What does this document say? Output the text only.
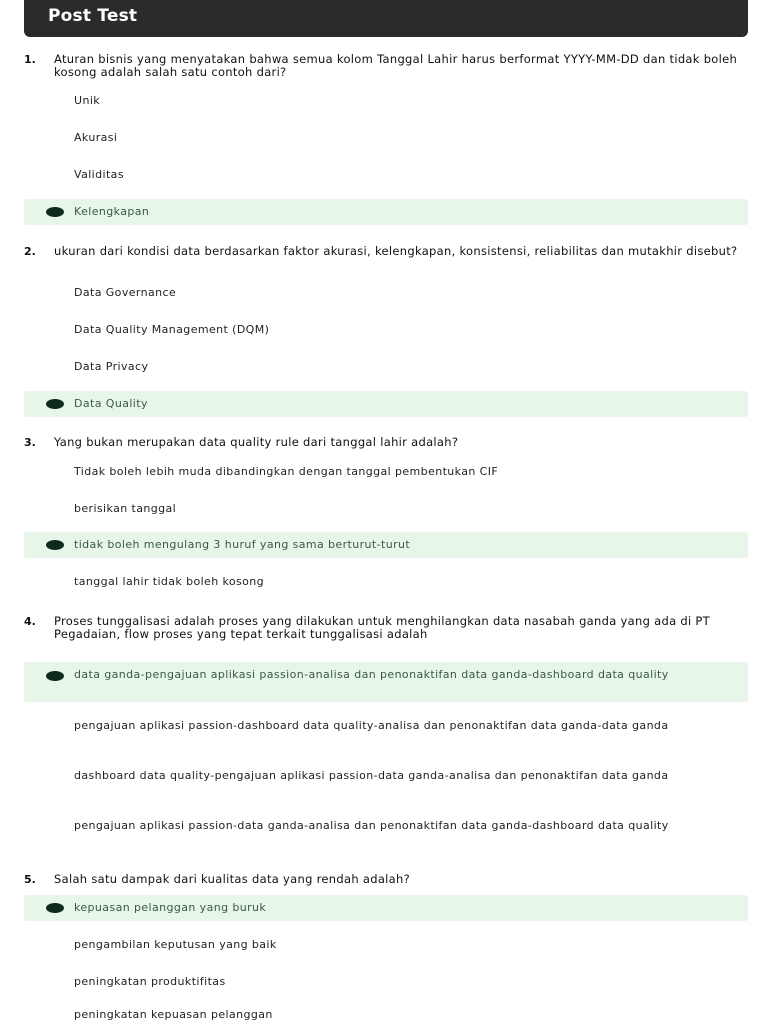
Post Test
1. Aturan bisnis yang menyatakan bahwa semua kolom Tanggal Lahir harus berformat YYYY-MM-DD dan tidak boleh kosong adalah salah satu contoh dari?
Unik
Akurasi
Validitas
Kelengkapan
2. ukuran dari kondisi data berdasarkan faktor akurasi, kelengkapan, konsistensi, reliabilitas dan mutakhir disebut?
Data Governance
Data Quality Management (DQM)
Data Privacy
Data Quality
3. Yang bukan merupakan data quality rule dari tanggal lahir adalah?
Tidak boleh lebih muda dibandingkan dengan tanggal pembentukan CIF
berisikan tanggal
tidak boleh mengulang 3 huruf yang sama berturut-turut
tanggal lahir tidak boleh kosong
4. Proses tunggalisasi adalah proses yang dilakukan untuk menghilangkan data nasabah ganda yang ada di PT Pegadaian, flow proses yang tepat terkait tunggalisasi adalah
data ganda-pengajuan aplikasi passion-analisa dan penonaktifan data ganda-dashboard data quality
pengajuan aplikasi passion-dashboard data quality-analisa dan penonaktifan data ganda-data ganda
dashboard data quality-pengajuan aplikasi passion-data ganda-analisa dan penonaktifan data ganda
pengajuan aplikasi passion-data ganda-analisa dan penonaktifan data ganda-dashboard data quality
5. Salah satu dampak dari kualitas data yang rendah adalah?
kepuasan pelanggan yang buruk
pengambilan keputusan yang baik
peningkatan produktifitas
peningkatan kepuasan pelanggan
